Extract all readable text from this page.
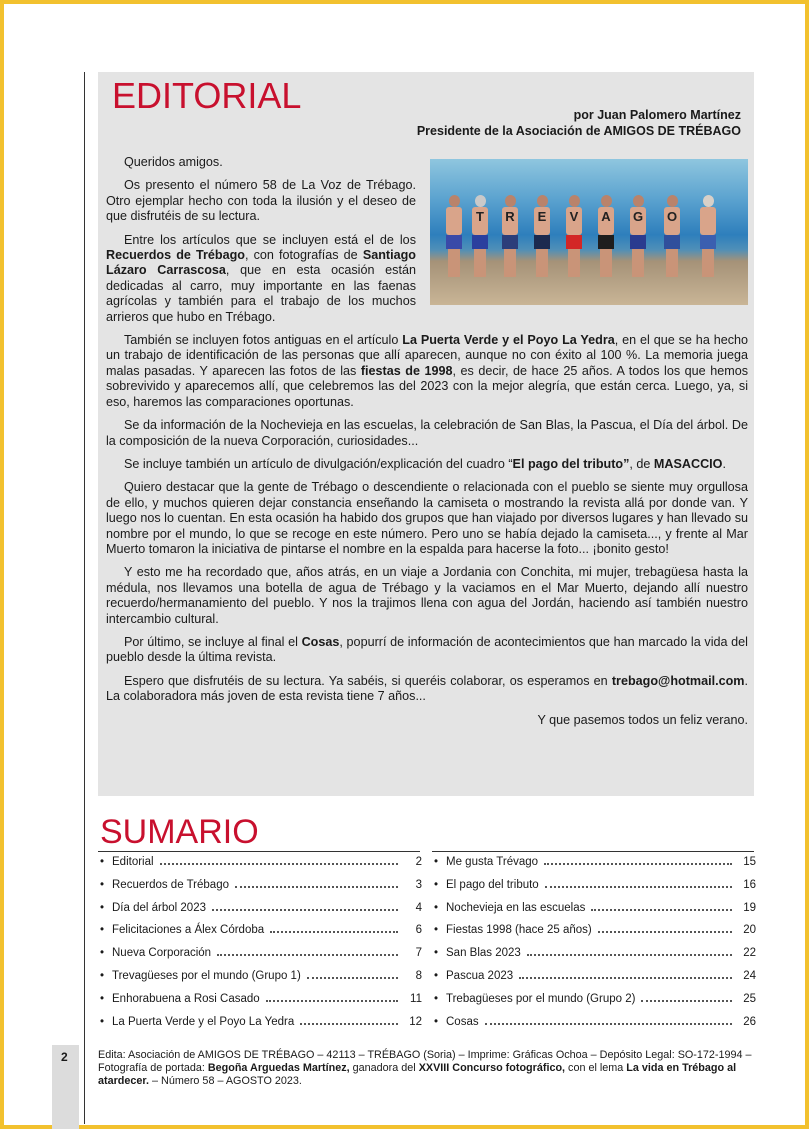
EDITORIAL	por Juan Palomero Martínez
Presidente de la Asociación de AMIGOS DE TRÉBAGO
T	R	E	V	A	G	O

Queridos amigos.

Os presento el número 58 de La Voz de Trébago. Otro ejemplar hecho con toda la ilusión y el deseo de que disfrutéis de su lectura.

Entre los artículos que se incluyen está el de los Recuerdos de Trébago, con fotografías de Santiago Lázaro Carrascosa, que en esta ocasión están dedicadas al carro, muy importante en las faenas agrícolas y también para el trabajo de los muchos arrieros que hubo en Trébago.

También se incluyen fotos antiguas en el artículo La Puerta Verde y el Poyo La Yedra, en el que se ha hecho un trabajo de identificación de las personas que allí aparecen, aunque no con éxito al 100 %. La memoria juega malas pasadas. Y aparecen las fotos de las fiestas de 1998, es decir, de hace 25 años. A todos los que hemos sobrevivido y aparecemos allí, que celebremos las del 2023 con la mejor alegría, que están cerca. Luego, ya, si eso, haremos las comparaciones oportunas.

Se da información de la Nochevieja en las escuelas, la celebración de San Blas, la Pascua, el Día del árbol. De la composición de la nueva Corporación, curiosidades...

Se incluye también un artículo de divulgación/explicación del cuadro “El pago del tributo”, de MASACCIO.

Quiero destacar que la gente de Trébago o descendiente o relacionada con el pueblo se siente muy orgullosa de ello, y muchos quieren dejar constancia enseñando la camiseta o mostrando la revista allá por donde van. Y luego nos lo cuentan. En esta ocasión ha habido dos grupos que han viajado por diversos lugares y han llevado su nombre por el mundo, lo que se recoge en este número. Pero uno se había dejado la camiseta..., y frente al Mar Muerto tomaron la iniciativa de pintarse el nombre en la espalda para hacerse la foto... ¡bonito gesto!

Y esto me ha recordado que, años atrás, en un viaje a Jordania con Conchita, mi mujer, trebagüesa hasta la médula, nos llevamos una botella de agua de Trébago y la vaciamos en el Mar Muerto, dejando allí nuestro recuerdo/hermanamiento del pueblo. Y nos la trajimos llena con agua del Jordán, haciendo así también nuestro intercambio cultural.

Por último, se incluye al final el Cosas, popurrí de información de acontecimientos que han marcado la vida del pueblo desde la última revista.

Espero que disfrutéis de su lectura. Ya sabéis, si queréis colaborar, os esperamos en trebago@hotmail.com. La colaboradora más joven de esta revista tiene 7 años...

Y que pasemos todos un feliz verano.

SUMARIO
• Editorial	2
• Recuerdos de Trébago	3
• Día del árbol 2023	4
• Felicitaciones a Álex Córdoba	6
• Nueva Corporación	7
• Trevagüeses por el mundo (Grupo 1)	8
• Enhorabuena a Rosi Casado	11
• La Puerta Verde y el Poyo La Yedra	12
• Me gusta Trévago	15
• El pago del tributo	16
• Nochevieja en las escuelas	19
• Fiestas 1998 (hace 25 años)	20
• San Blas 2023	22
• Pascua 2023	24
• Trebagüeses por el mundo (Grupo 2)	25
• Cosas	26
2	Edita: Asociación de AMIGOS DE TRÉBAGO – 42113 – TRÉBAGO (Soria) – Imprime: Gráficas Ochoa – Depósito Legal: SO-172-1994 – Fotografía de portada: Begoña Arguedas Martínez, ganadora del XXVIII Concurso fotográfico, con el lema La vida en Trébago al atardecer. – Número 58 – AGOSTO 2023.
